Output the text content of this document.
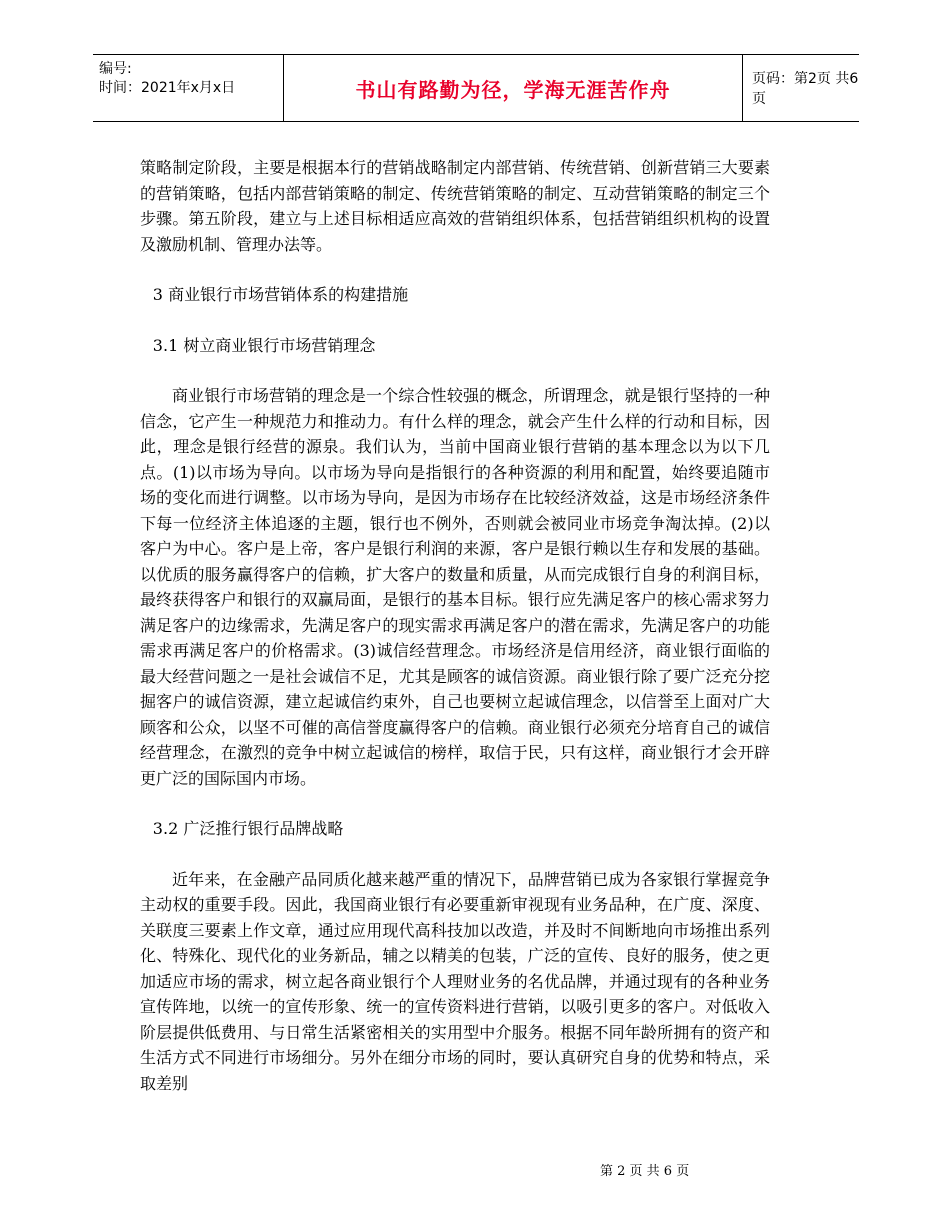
编号:
时间：2021年x月x日	书山有路勤为径，学海无涯苦作舟	页码：第2页 共6页

策略制定阶段，主要是根据本行的营销战略制定内部营销、传统营销、创新营销三大要素的营销策略，包括内部营销策略的制定、传统营销策略的制定、互动营销策略的制定三个步骤。第五阶段，建立与上述目标相适应高效的营销组织体系，包括营销组织机构的设置及激励机制、管理办法等。

3 商业银行市场营销体系的构建措施

3.1 树立商业银行市场营销理念

商业银行市场营销的理念是一个综合性较强的概念，所谓理念，就是银行坚持的一种信念，它产生一种规范力和推动力。有什么样的理念，就会产生什么样的行动和目标，因此，理念是银行经营的源泉。我们认为，当前中国商业银行营销的基本理念以为以下几点。(1)以市场为导向。以市场为导向是指银行的各种资源的利用和配置，始终要追随市场的变化而进行调整。以市场为导向，是因为市场存在比较经济效益，这是市场经济条件下每一位经济主体追逐的主题，银行也不例外，否则就会被同业市场竞争淘汰掉。(2)以客户为中心。客户是上帝，客户是银行利润的来源，客户是银行赖以生存和发展的基础。以优质的服务赢得客户的信赖，扩大客户的数量和质量，从而完成银行自身的利润目标，最终获得客户和银行的双赢局面，是银行的基本目标。银行应先满足客户的核心需求努力满足客户的边缘需求，先满足客户的现实需求再满足客户的潜在需求，先满足客户的功能需求再满足客户的价格需求。(3)诚信经营理念。市场经济是信用经济，商业银行面临的最大经营问题之一是社会诚信不足，尤其是顾客的诚信资源。商业银行除了要广泛充分挖掘客户的诚信资源，建立起诚信约束外，自己也要树立起诚信理念，以信誉至上面对广大顾客和公众，以坚不可催的高信誉度赢得客户的信赖。商业银行必须充分培育自己的诚信经营理念，在激烈的竞争中树立起诚信的榜样，取信于民，只有这样，商业银行才会开辟更广泛的国际国内市场。

3.2 广泛推行银行品牌战略

近年来，在金融产品同质化越来越严重的情况下，品牌营销已成为各家银行掌握竞争主动权的重要手段。因此，我国商业银行有必要重新审视现有业务品种，在广度、深度、关联度三要素上作文章，通过应用现代高科技加以改造，并及时不间断地向市场推出系列化、特殊化、现代化的业务新品，辅之以精美的包装，广泛的宣传、良好的服务，使之更加适应市场的需求，树立起各商业银行个人理财业务的名优品牌，并通过现有的各种业务宣传阵地，以统一的宣传形象、统一的宣传资料进行营销，以吸引更多的客户。对低收入阶层提供低费用、与日常生活紧密相关的实用型中介服务。根据不同年龄所拥有的资产和生活方式不同进行市场细分。另外在细分市场的同时，要认真研究自身的优势和特点，采取差别

第 2 页 共 6 页
